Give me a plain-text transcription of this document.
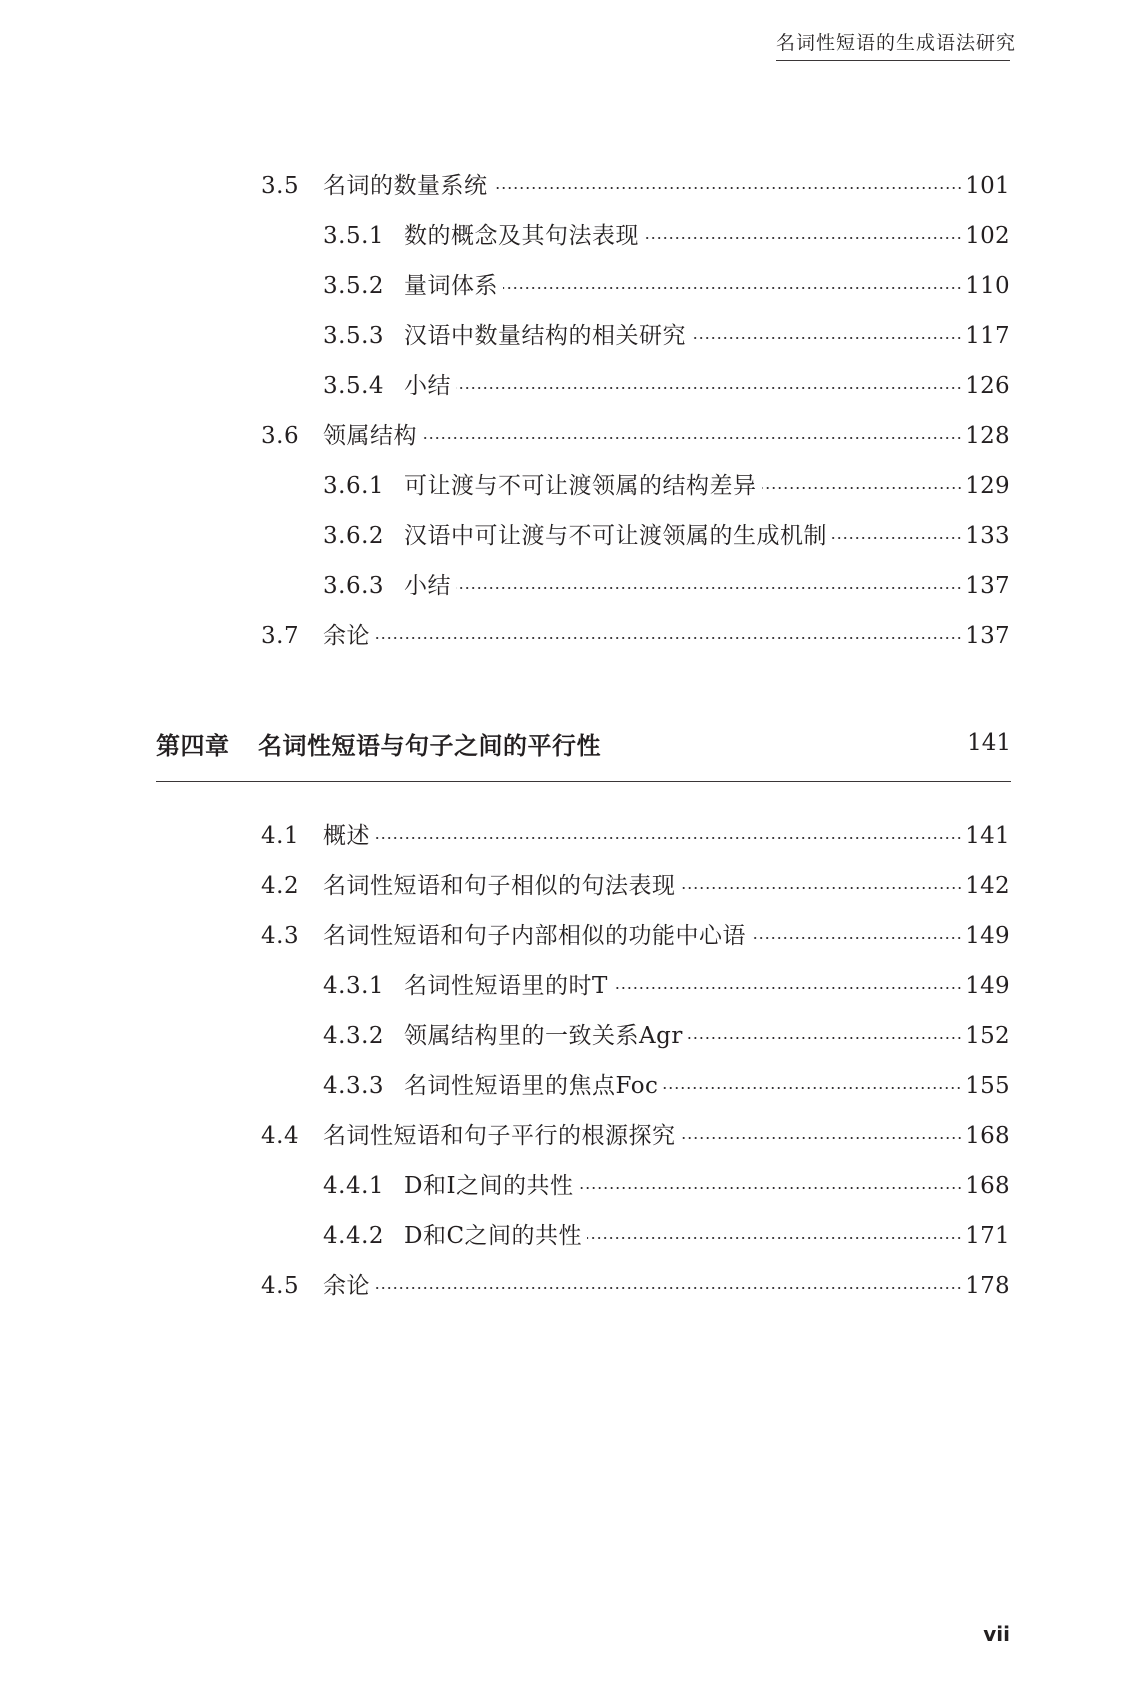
名词性短语的生成语法研究
3.5	名词的数量系统	101
3.5.1 数的概念及其句法表现	102
3.5.2 量词体系	110
3.5.3 汉语中数量结构的相关研究	117
3.5.4 小结	126
3.6	领属结构	128
3.6.1 可让渡与不可让渡领属的结构差异	129
3.6.2 汉语中可让渡与不可让渡领属的生成机制	133
3.6.3 小结	137
3.7	余论	137
第四章	名词性短语与句子之间的平行性	141
4.1	概述	141
4.2	名词性短语和句子相似的句法表现	142
4.3	名词性短语和句子内部相似的功能中心语	149
4.3.1 名词性短语里的时T	149
4.3.2 领属结构里的一致关系Agr	152
4.3.3 名词性短语里的焦点Foc	155
4.4	名词性短语和句子平行的根源探究	168
4.4.1 D和I之间的共性	168
4.4.2 D和C之间的共性	171
4.5	余论	178
vii
